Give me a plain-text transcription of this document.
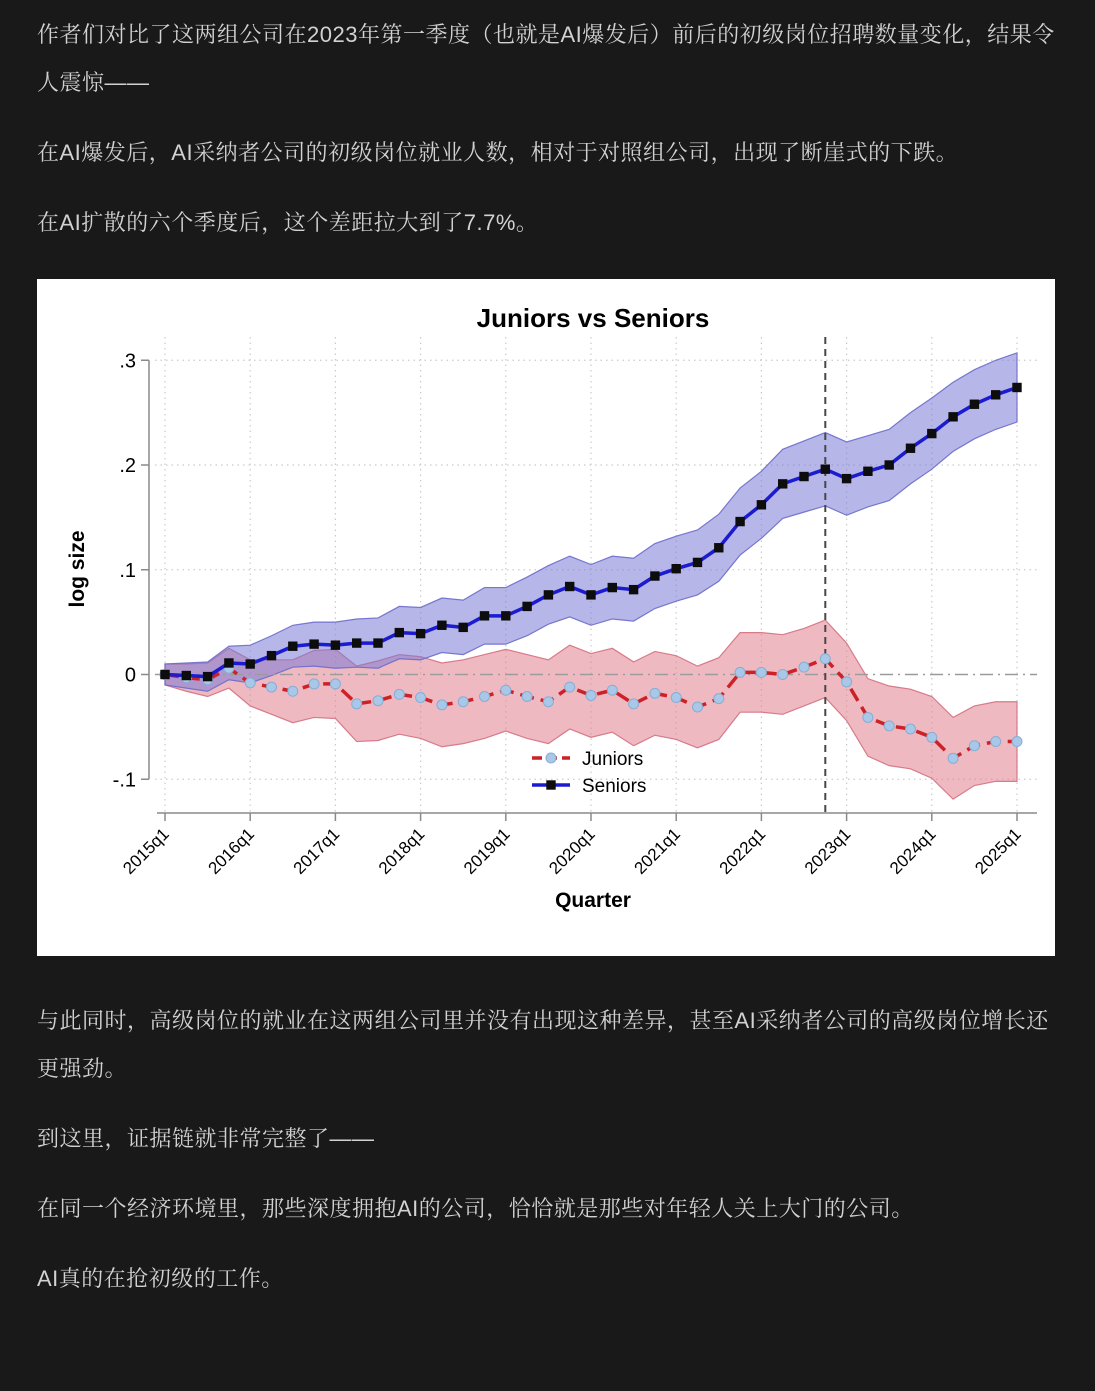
作者们对比了这两组公司在2023年第一季度（也就是AI爆发后）前后的初级岗位招聘数量变化，结果令人震惊——

在AI爆发后，AI采纳者公司的初级岗位就业人数，相对于对照组公司，出现了断崖式的下跌。

在AI扩散的六个季度后，这个差距拉大到了7.7%。

.3
.2
.1
0
-.1
2015q1 2016q1 2017q1 2018q1 2019q1 2020q1 2021q1 2022q1 2023q1 2024q1 2025q1
Juniors vs Seniors
log size
Quarter
Juniors
Seniors

与此同时，高级岗位的就业在这两组公司里并没有出现这种差异，甚至AI采纳者公司的高级岗位增长还更强劲。

到这里，证据链就非常完整了——

在同一个经济环境里，那些深度拥抱AI的公司，恰恰就是那些对年轻人关上大门的公司。

AI真的在抢初级的工作。
